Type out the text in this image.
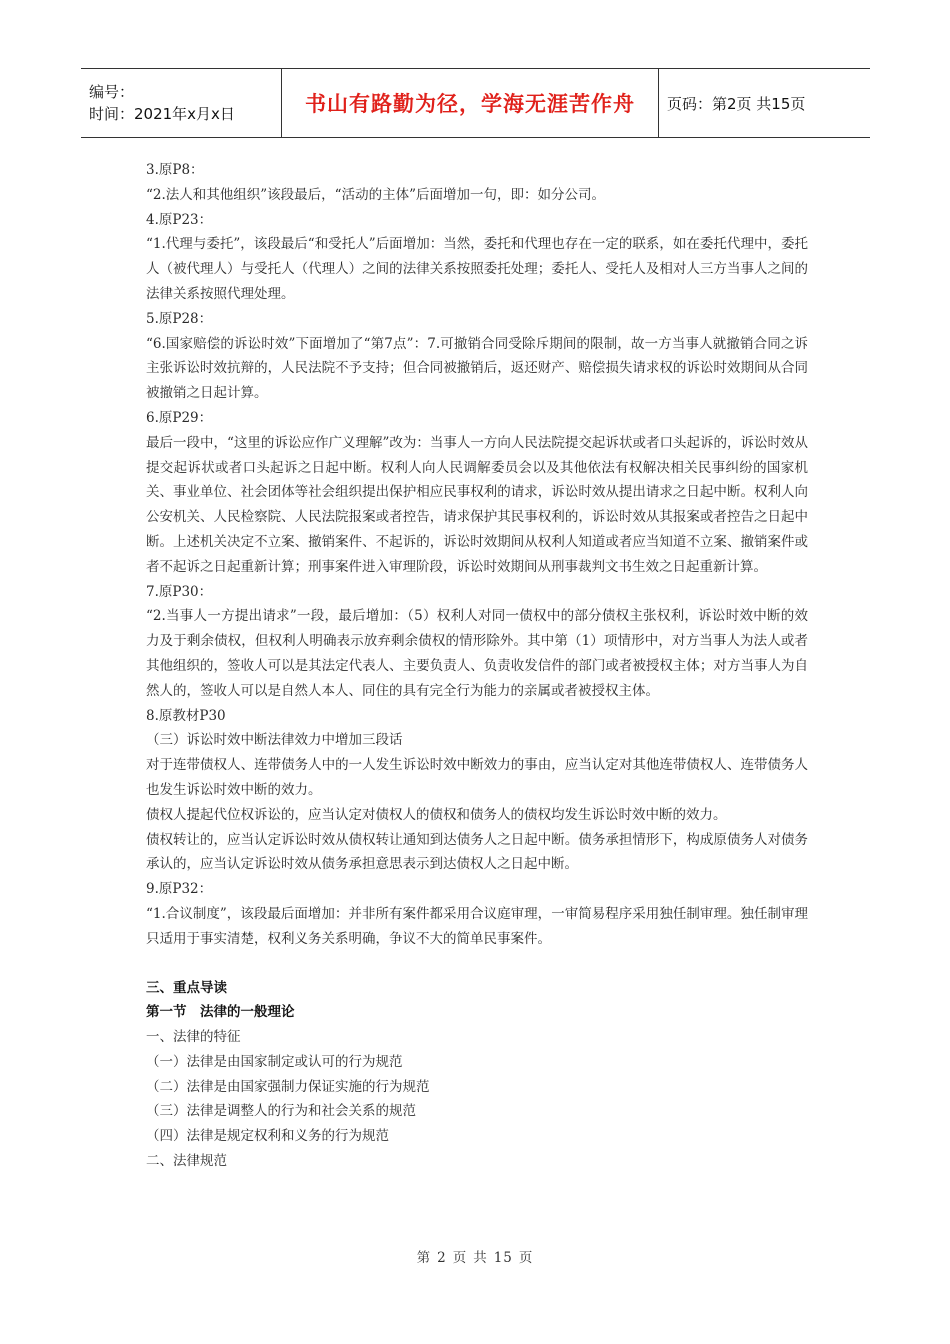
编号：
时间：2021年x月x日	书山有路勤为径，学海无涯苦作舟 页码：第2页 共15页

3.原P8：

“2.法人和其他组织”该段最后，“活动的主体”后面增加一句，即：如分公司。

4.原P23：

“1.代理与委托”，该段最后“和受托人”后面增加：当然，委托和代理也存在一定的联系，如在委托代理中，委托人（被代理人）与受托人（代理人）之间的法律关系按照委托处理；委托人、受托人及相对人三方当事人之间的法律关系按照代理处理。

5.原P28：

“6.国家赔偿的诉讼时效”下面增加了“第7点”：7.可撤销合同受除斥期间的限制，故一方当事人就撤销合同之诉主张诉讼时效抗辩的，人民法院不予支持；但合同被撤销后，返还财产、赔偿损失请求权的诉讼时效期间从合同被撤销之日起计算。

6.原P29：

最后一段中，“这里的诉讼应作广义理解”改为：当事人一方向人民法院提交起诉状或者口头起诉的，诉讼时效从提交起诉状或者口头起诉之日起中断。权利人向人民调解委员会以及其他依法有权解决相关民事纠纷的国家机关、事业单位、社会团体等社会组织提出保护相应民事权利的请求，诉讼时效从提出请求之日起中断。权利人向公安机关、人民检察院、人民法院报案或者控告，请求保护其民事权利的，诉讼时效从其报案或者控告之日起中断。上述机关决定不立案、撤销案件、不起诉的，诉讼时效期间从权利人知道或者应当知道不立案、撤销案件或者不起诉之日起重新计算；刑事案件进入审理阶段，诉讼时效期间从刑事裁判文书生效之日起重新计算。

7.原P30：

“2.当事人一方提出请求”一段，最后增加：（5）权利人对同一债权中的部分债权主张权利，诉讼时效中断的效力及于剩余债权，但权利人明确表示放弃剩余债权的情形除外。其中第（1）项情形中，对方当事人为法人或者其他组织的，签收人可以是其法定代表人、主要负责人、负责收发信件的部门或者被授权主体；对方当事人为自然人的，签收人可以是自然人本人、同住的具有完全行为能力的亲属或者被授权主体。

8.原教材P30

（三）诉讼时效中断法律效力中增加三段话

对于连带债权人、连带债务人中的一人发生诉讼时效中断效力的事由，应当认定对其他连带债权人、连带债务人也发生诉讼时效中断的效力。

债权人提起代位权诉讼的，应当认定对债权人的债权和债务人的债权均发生诉讼时效中断的效力。

债权转让的，应当认定诉讼时效从债权转让通知到达债务人之日起中断。债务承担情形下，构成原债务人对债务承认的，应当认定诉讼时效从债务承担意思表示到达债权人之日起中断。

9.原P32：

“1.合议制度”，该段最后面增加：并非所有案件都采用合议庭审理，一审简易程序采用独任制审理。独任制审理只适用于事实清楚，权利义务关系明确，争议不大的简单民事案件。

三、重点导读

第一节　法律的一般理论

一、法律的特征

（一）法律是由国家制定或认可的行为规范

（二）法律是由国家强制力保证实施的行为规范

（三）法律是调整人的行为和社会关系的规范

（四）法律是规定权利和义务的行为规范

二、法律规范

第 2 页 共 15 页
